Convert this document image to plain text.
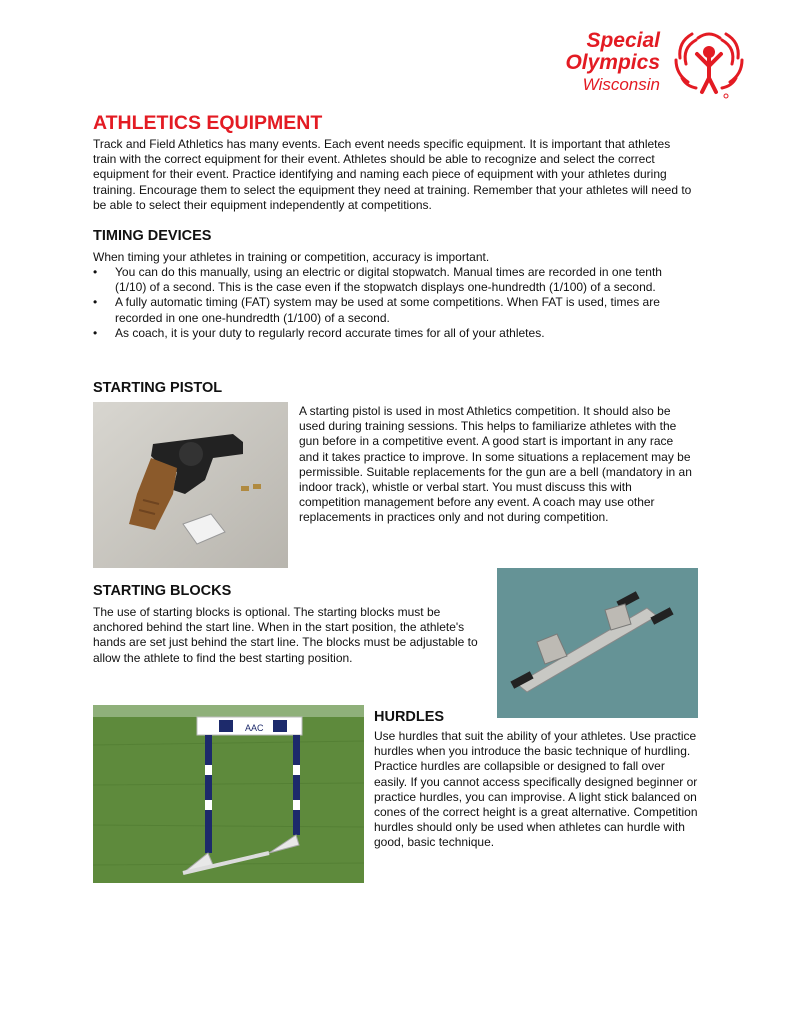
Special
Olympics
Wisconsin
ATHLETICS EQUIPMENT

Track and Field Athletics has many events. Each event needs specific equipment. It is important that athletes train with the correct equipment for their event. Athletes should be able to recognize and select the correct equipment for their event. Practice identifying and naming each piece of equipment with your athletes during training. Encourage them to select the equipment they need at training. Remember that your athletes will need to be able to select their equipment independently at competitions.

TIMING DEVICES

When timing your athletes in training or competition, accuracy is important.

• You can do this manually, using an electric or digital stopwatch. Manual times are recorded in one tenth (1/10) of a second. This is the case even if the stopwatch displays one-hundredth (1/100) of a second.
• A fully automatic timing (FAT) system may be used at some competitions. When FAT is used, times are recorded in one one-hundredth (1/100) of a second.
• As coach, it is your duty to regularly record accurate times for all of your athletes.
STARTING PISTOL

A starting pistol is used in most Athletics competition. It should also be used during training sessions. This helps to familiarize athletes with the gun before in a competitive event. A good start is important in any race and it takes practice to improve. In some situations a replacement may be permissible. Suitable replacements for the gun are a bell (mandatory in an indoor track), whistle or verbal start. You must discuss this with competition management before any event. A coach may use other replacements in practices only and not during competition.

STARTING BLOCKS

The use of starting blocks is optional. The starting blocks must be anchored behind the start line. When in the start position, the athlete's hands are set just behind the start line. The blocks must be adjustable to allow the athlete to find the best starting position.

AAC
HURDLES

Use hurdles that suit the ability of your athletes. Use practice hurdles when you introduce the basic technique of hurdling. Practice hurdles are collapsible or designed to fall over easily. If you cannot access specifically designed beginner or practice hurdles, you can improvise. A light stick balanced on cones of the correct height is a great alternative. Competition hurdles should only be used when athletes can hurdle with good, basic technique.
